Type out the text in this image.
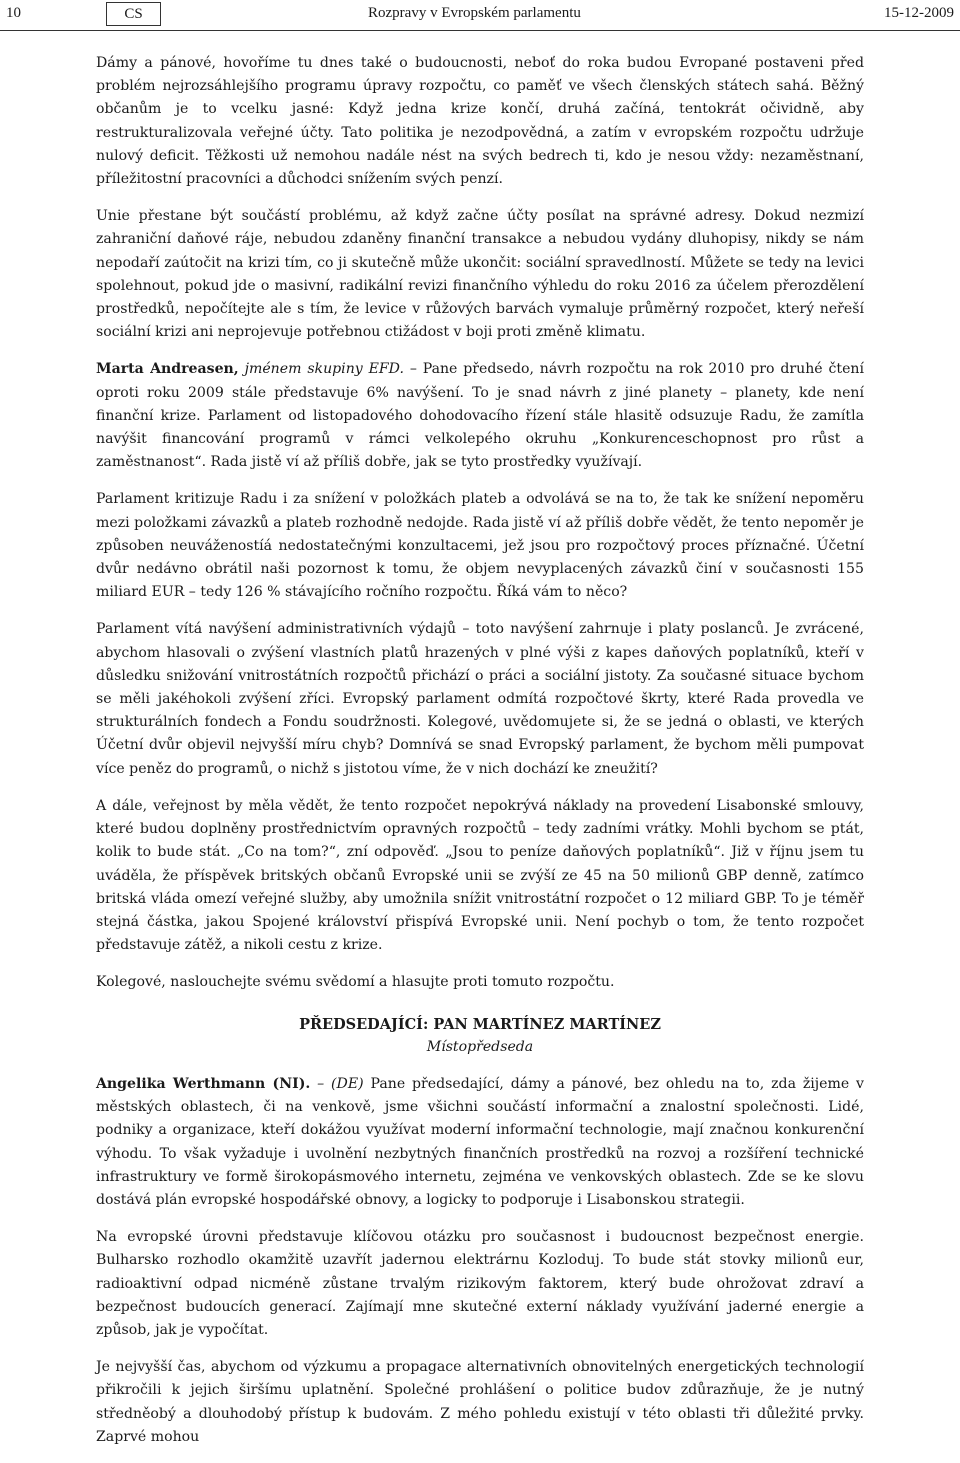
10	CS	Rozpravy v Evropském parlamentu	15-12-2009

Dámy a pánové, hovoříme tu dnes také o budoucnosti, neboť do roka budou Evropané postaveni před problém nejrozsáhlejšího programu úpravy rozpočtu, co paměť ve všech členských státech sahá. Běžný občanům je to vcelku jasné: Když jedna krize končí, druhá začíná, tentokrát očividně, aby restrukturalizovala veřejné účty. Tato politika je nezodpovědná, a zatím v evropském rozpočtu udržuje nulový deficit. Těžkosti už nemohou nadále nést na svých bedrech ti, kdo je nesou vždy: nezaměstnaní, příležitostní pracovníci a důchodci snížením svých penzí.

Unie přestane být součástí problému, až když začne účty posílat na správné adresy. Dokud nezmizí zahraniční daňové ráje, nebudou zdaněny finanční transakce a nebudou vydány dluhopisy, nikdy se nám nepodaří zaútočit na krizi tím, co ji skutečně může ukončit: sociální spravedlností. Můžete se tedy na levici spolehnout, pokud jde o masivní, radikální revizi finančního výhledu do roku 2016 za účelem přerozdělení prostředků, nepočítejte ale s tím, že levice v růžových barvách vymaluje průměrný rozpočet, který neřeší sociální krizi ani neprojevuje potřebnou ctižádost v boji proti změně klimatu.

Marta Andreasen, jménem skupiny EFD. – Pane předsedo, návrh rozpočtu na rok 2010 pro druhé čtení oproti roku 2009 stále představuje 6% navýšení. To je snad návrh z jiné planety – planety, kde není finanční krize. Parlament od listopadového dohodovacího řízení stále hlasitě odsuzuje Radu, že zamítla navýšit financování programů v rámci velkolepého okruhu „Konkurenceschopnost pro růst a zaměstnanost“. Rada jistě ví až příliš dobře, jak se tyto prostředky využívají.

Parlament kritizuje Radu i za snížení v položkách plateb a odvolává se na to, že tak ke snížení nepoměru mezi položkami závazků a plateb rozhodně nedojde. Rada jistě ví až příliš dobře vědět, že tento nepoměr je způsoben neuváženostíá nedostatečnými konzultacemi, jež jsou pro rozpočtový proces příznačné. Účetní dvůr nedávno obrátil naši pozornost k tomu, že objem nevyplacených závazků činí v současnosti 155 miliard EUR – tedy 126 % stávajícího ročního rozpočtu. Říká vám to něco?

Parlament vítá navýšení administrativních výdajů – toto navýšení zahrnuje i platy poslanců. Je zvrácené, abychom hlasovali o zvýšení vlastních platů hrazených v plné výši z kapes daňových poplatníků, kteří v důsledku snižování vnitrostátních rozpočtů přichází o práci a sociální jistoty. Za současné situace bychom se měli jakéhokoli zvýšení zříci. Evropský parlament odmítá rozpočtové škrty, které Rada provedla ve strukturálních fondech a Fondu soudržnosti. Kolegové, uvědomujete si, že se jedná o oblasti, ve kterých Účetní dvůr objevil nejvyšší míru chyb? Domnívá se snad Evropský parlament, že bychom měli pumpovat více peněz do programů, o nichž s jistotou víme, že v nich dochází ke zneužití?

A dále, veřejnost by měla vědět, že tento rozpočet nepokrývá náklady na provedení Lisabonské smlouvy, které budou doplněny prostřednictvím opravných rozpočtů – tedy zadními vrátky. Mohli bychom se ptát, kolik to bude stát. „Co na tom?“, zní odpověď. „Jsou to peníze daňových poplatníků“. Již v říjnu jsem tu uváděla, že příspěvek britských občanů Evropské unii se zvýší ze 45 na 50 milionů GBP denně, zatímco britská vláda omezí veřejné služby, aby umožnila snížit vnitrostátní rozpočet o 12 miliard GBP. To je téměř stejná částka, jakou Spojené království přispívá Evropské unii. Není pochyb o tom, že tento rozpočet představuje zátěž, a nikoli cestu z krize.

Kolegové, naslouchejte svému svědomí a hlasujte proti tomuto rozpočtu.

PŘEDSEDAJÍCÍ: PAN MARTÍNEZ MARTÍNEZ
Místopředseda

Angelika Werthmann (NI). – (DE) Pane předsedající, dámy a pánové, bez ohledu na to, zda žijeme v městských oblastech, či na venkově, jsme všichni součástí informační a znalostní společnosti. Lidé, podniky a organizace, kteří dokážou využívat moderní informační technologie, mají značnou konkurenční výhodu. To však vyžaduje i uvolnění nezbytných finančních prostředků na rozvoj a rozšíření technické infrastruktury ve formě širokopásmového internetu, zejména ve venkovských oblastech. Zde se ke slovu dostává plán evropské hospodářské obnovy, a logicky to podporuje i Lisabonskou strategii.

Na evropské úrovni představuje klíčovou otázku pro současnost i budoucnost bezpečnost energie. Bulharsko rozhodlo okamžitě uzavřít jadernou elektrárnu Kozloduj. To bude stát stovky milionů eur, radioaktivní odpad nicméně zůstane trvalým rizikovým faktorem, který bude ohrožovat zdraví a bezpečnost budoucích generací. Zajímají mne skutečné externí náklady využívání jaderné energie a způsob, jak je vypočítat.

Je nejvyšší čas, abychom od výzkumu a propagace alternativních obnovitelných energetických technologií přikročili k jejich širšímu uplatnění. Společné prohlášení o politice budov zdůrazňuje, že je nutný středněobý a dlouhodobý přístup k budovám. Z mého pohledu existují v této oblasti tři důležité prvky. Zaprvé mohou
